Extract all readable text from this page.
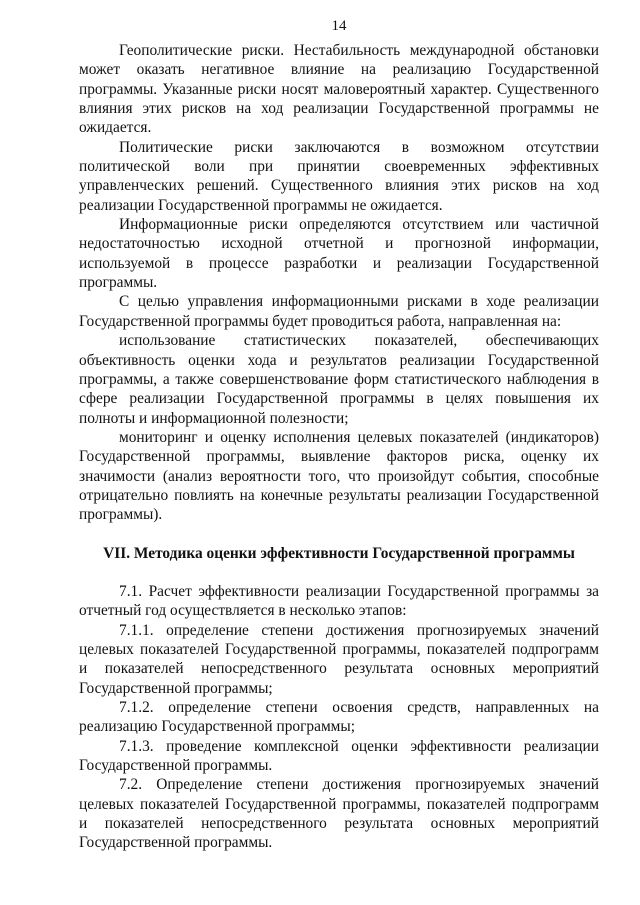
14

Геополитические риски. Нестабильность международной обстановки может оказать негативное влияние на реализацию Государственной программы. Указанные риски носят маловероятный характер. Существенного влияния этих рисков на ход реализации Государственной программы не ожидается.

Политические риски заключаются в возможном отсутствии политической воли при принятии своевременных эффективных управленческих решений. Существенного влияния этих рисков на ход реализации Государственной программы не ожидается.

Информационные риски определяются отсутствием или частичной недостаточностью исходной отчетной и прогнозной информации, используемой в процессе разработки и реализации Государственной программы.

С целью управления информационными рисками в ходе реализации Государственной программы будет проводиться работа, направленная на:

использование статистических показателей, обеспечивающих объективность оценки хода и результатов реализации Государственной программы, а также совершенствование форм статистического наблюдения в сфере реализации Государственной программы в целях повышения их полноты и информационной полезности;

мониторинг и оценку исполнения целевых показателей (индикаторов) Государственной программы, выявление факторов риска, оценку их значимости (анализ вероятности того, что произойдут события, способные отрицательно повлиять на конечные результаты реализации Государственной программы).

VII. Методика оценки эффективности Государственной программы

7.1. Расчет эффективности реализации Государственной программы за отчетный год осуществляется в несколько этапов:

7.1.1. определение степени достижения прогнозируемых значений целевых показателей Государственной программы, показателей подпрограмм и показателей непосредственного результата основных мероприятий Государственной программы;

7.1.2. определение степени освоения средств, направленных на реализацию Государственной программы;

7.1.3. проведение комплексной оценки эффективности реализации Государственной программы.

7.2. Определение степени достижения прогнозируемых значений целевых показателей Государственной программы, показателей подпрограмм и показателей непосредственного результата основных мероприятий Государственной программы.
